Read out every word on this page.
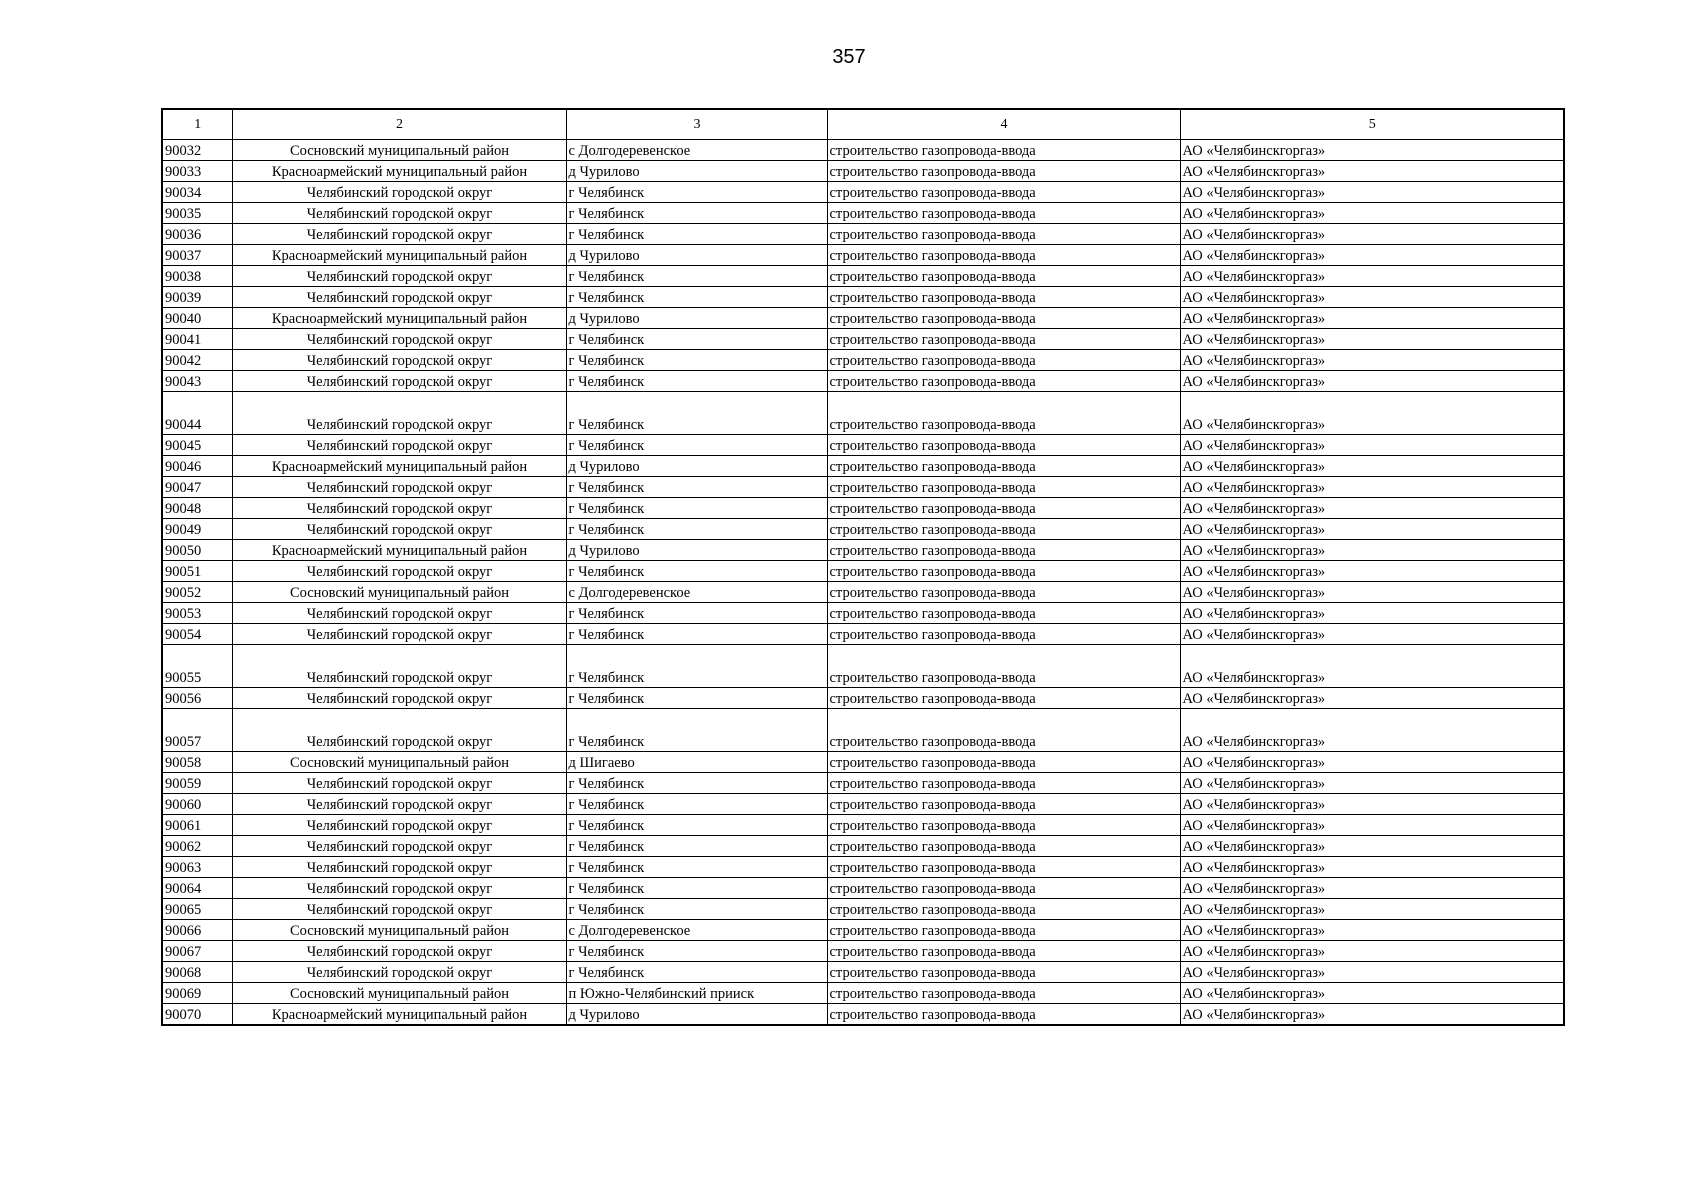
357
1	2	3	4	5
90032	Сосновский муниципальный район	с Долгодеревенское	строительство газопровода-ввода	АО «Челябинскгоргаз»
90033	Красноармейский муниципальный район	д Чурилово	строительство газопровода-ввода	АО «Челябинскгоргаз»
90034	Челябинский городской округ	г Челябинск	строительство газопровода-ввода	АО «Челябинскгоргаз»
90035	Челябинский городской округ	г Челябинск	строительство газопровода-ввода	АО «Челябинскгоргаз»
90036	Челябинский городской округ	г Челябинск	строительство газопровода-ввода	АО «Челябинскгоргаз»
90037	Красноармейский муниципальный район	д Чурилово	строительство газопровода-ввода	АО «Челябинскгоргаз»
90038	Челябинский городской округ	г Челябинск	строительство газопровода-ввода	АО «Челябинскгоргаз»
90039	Челябинский городской округ	г Челябинск	строительство газопровода-ввода	АО «Челябинскгоргаз»
90040	Красноармейский муниципальный район	д Чурилово	строительство газопровода-ввода	АО «Челябинскгоргаз»
90041	Челябинский городской округ	г Челябинск	строительство газопровода-ввода	АО «Челябинскгоргаз»
90042	Челябинский городской округ	г Челябинск	строительство газопровода-ввода	АО «Челябинскгоргаз»
90043	Челябинский городской округ	г Челябинск	строительство газопровода-ввода	АО «Челябинскгоргаз»
90044	Челябинский городской округ	г Челябинск	строительство газопровода-ввода	АО «Челябинскгоргаз»
90045	Челябинский городской округ	г Челябинск	строительство газопровода-ввода	АО «Челябинскгоргаз»
90046	Красноармейский муниципальный район	д Чурилово	строительство газопровода-ввода	АО «Челябинскгоргаз»
90047	Челябинский городской округ	г Челябинск	строительство газопровода-ввода	АО «Челябинскгоргаз»
90048	Челябинский городской округ	г Челябинск	строительство газопровода-ввода	АО «Челябинскгоргаз»
90049	Челябинский городской округ	г Челябинск	строительство газопровода-ввода	АО «Челябинскгоргаз»
90050	Красноармейский муниципальный район	д Чурилово	строительство газопровода-ввода	АО «Челябинскгоргаз»
90051	Челябинский городской округ	г Челябинск	строительство газопровода-ввода	АО «Челябинскгоргаз»
90052	Сосновский муниципальный район	с Долгодеревенское	строительство газопровода-ввода	АО «Челябинскгоргаз»
90053	Челябинский городской округ	г Челябинск	строительство газопровода-ввода	АО «Челябинскгоргаз»
90054	Челябинский городской округ	г Челябинск	строительство газопровода-ввода	АО «Челябинскгоргаз»
90055	Челябинский городской округ	г Челябинск	строительство газопровода-ввода	АО «Челябинскгоргаз»
90056	Челябинский городской округ	г Челябинск	строительство газопровода-ввода	АО «Челябинскгоргаз»
90057	Челябинский городской округ	г Челябинск	строительство газопровода-ввода	АО «Челябинскгоргаз»
90058	Сосновский муниципальный район	д Шигаево	строительство газопровода-ввода	АО «Челябинскгоргаз»
90059	Челябинский городской округ	г Челябинск	строительство газопровода-ввода	АО «Челябинскгоргаз»
90060	Челябинский городской округ	г Челябинск	строительство газопровода-ввода	АО «Челябинскгоргаз»
90061	Челябинский городской округ	г Челябинск	строительство газопровода-ввода	АО «Челябинскгоргаз»
90062	Челябинский городской округ	г Челябинск	строительство газопровода-ввода	АО «Челябинскгоргаз»
90063	Челябинский городской округ	г Челябинск	строительство газопровода-ввода	АО «Челябинскгоргаз»
90064	Челябинский городской округ	г Челябинск	строительство газопровода-ввода	АО «Челябинскгоргаз»
90065	Челябинский городской округ	г Челябинск	строительство газопровода-ввода	АО «Челябинскгоргаз»
90066	Сосновский муниципальный район	с Долгодеревенское	строительство газопровода-ввода	АО «Челябинскгоргаз»
90067	Челябинский городской округ	г Челябинск	строительство газопровода-ввода	АО «Челябинскгоргаз»
90068	Челябинский городской округ	г Челябинск	строительство газопровода-ввода	АО «Челябинскгоргаз»
90069	Сосновский муниципальный район	п Южно-Челябинский прииск	строительство газопровода-ввода	АО «Челябинскгоргаз»
90070	Красноармейский муниципальный район	д Чурилово	строительство газопровода-ввода	АО «Челябинскгоргаз»
